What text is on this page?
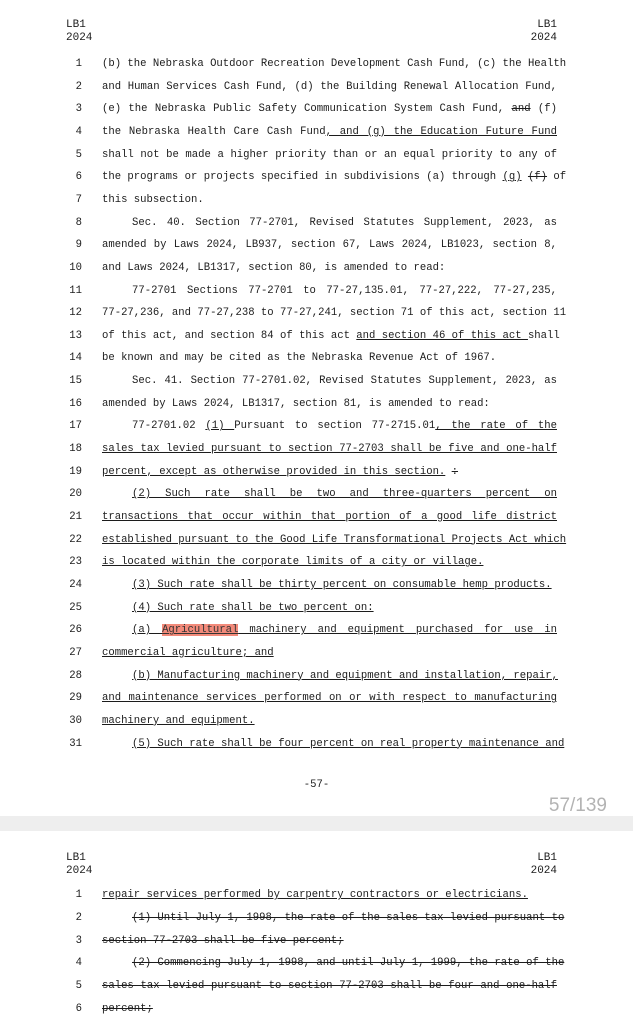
LB1
2024
LB1
2024
1 (b) the Nebraska Outdoor Recreation Development Cash Fund, (c) the Health
2 and Human Services Cash Fund, (d) the Building Renewal Allocation Fund,
3 (e) the Nebraska Public Safety Communication System Cash Fund, and (f)
4 the Nebraska Health Care Cash Fund, and (g) the Education Future Fund
5 shall not be made a higher priority than or an equal priority to any of
6 the programs or projects specified in subdivisions (a) through (g) (f) of
7 this subsection.
8	Sec. 40. Section 77-2701, Revised Statutes Supplement, 2023, as
9 amended by Laws 2024, LB937, section 67, Laws 2024, LB1023, section 8,
10 and Laws 2024, LB1317, section 80, is amended to read:
11	77-2701 Sections 77-2701 to 77-27,135.01, 77-27,222, 77-27,235,
12 77-27,236, and 77-27,238 to 77-27,241, section 71 of this act, section 11
13 of this act, and section 84 of this act and section 46 of this act shall
14 be known and may be cited as the Nebraska Revenue Act of 1967.
15	Sec. 41. Section 77-2701.02, Revised Statutes Supplement, 2023, as
16 amended by Laws 2024, LB1317, section 81, is amended to read:
17	77-2701.02 (1) Pursuant to section 77-2715.01, the rate of the
18 sales tax levied pursuant to section 77-2703 shall be five and one-half
19 percent, except as otherwise provided in this section. :
20	(2) Such rate shall be two and three-quarters percent on
21 transactions that occur within that portion of a good life district
22 established pursuant to the Good Life Transformational Projects Act which
23 is located within the corporate limits of a city or village.
24	(3) Such rate shall be thirty percent on consumable hemp products.
25	(4) Such rate shall be two percent on:
26	(a) Agricultural machinery and equipment purchased for use in
27 commercial agriculture; and
28	(b) Manufacturing machinery and equipment and installation, repair,
29 and maintenance services performed on or with respect to manufacturing
30 machinery and equipment.
31	(5) Such rate shall be four percent on real property maintenance and
-57-
57/139
LB1
2024
LB1
2024
1 repair services performed by carpentry contractors or electricians.
2	(1) Until July 1, 1998, the rate of the sales tax levied pursuant to
3 section 77-2703 shall be five percent;
4	(2) Commencing July 1, 1998, and until July 1, 1999, the rate of the
5 sales tax levied pursuant to section 77-2703 shall be four and one-half
6 percent;
